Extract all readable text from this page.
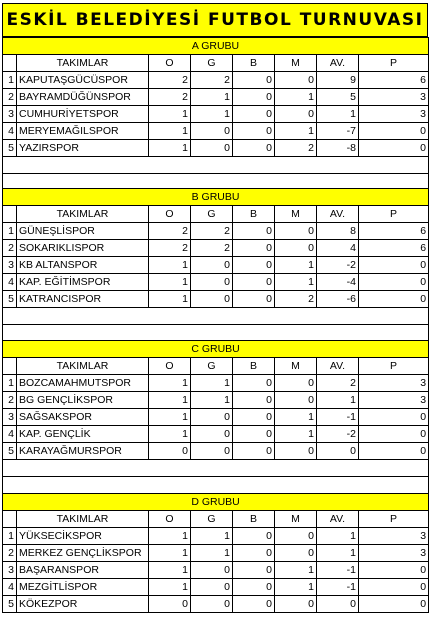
ESKİL BELEDİYESİ FUTBOL TURNUVASI
A GRUBU							
	TAKIMLAR	O	G	B	M	AV.	P
1	KAPUTAŞGÜCÜSPOR	2	2	0	0	9	6
2	BAYRAMDÜĞÜNSPOR	2	1	0	1	5	3
3	CUMHURİYETSPOR	1	1	0	0	1	3
4	MERYEMAĞILSPOR	1	0	0	1	-7	0
5	YAZIRSPOR	1	0	0	2	-8	0

B GRUBU							
	TAKIMLAR	O	G	B	M	AV.	P
1	GÜNEŞLİSPOR	2	2	0	0	8	6
2	SOKARIKLISPOR	2	2	0	0	4	6
3	KB ALTANSPOR	1	0	0	1	-2	0
4	KAP. EĞİTİMSPOR	1	0	0	1	-4	0
5	KATRANCISPOR	1	0	0	2	-6	0

C GRUBU							
	TAKIMLAR	O	G	B	M	AV.	P
1	BOZCAMAHMUTSPOR	1	1	0	0	2	3
2	BG GENÇLİKSPOR	1	1	0	0	1	3
3	SAĞSAKSPOR	1	0	0	1	-1	0
4	KAP. GENÇLİK	1	0	0	1	-2	0
5	KARAYAĞMURSPOR	0	0	0	0	0	0

D GRUBU							
	TAKIMLAR	O	G	B	M	AV.	P
1	YÜKSECİKSPOR	1	1	0	0	1	3
2	MERKEZ GENÇLİKSPOR	1	1	0	0	1	3
3	BAŞARANSPOR	1	0	0	1	-1	0
4	MEZGİTLİSPOR	1	0	0	1	-1	0
5	KÖKEZPOR	0	0	0	0	0	0
